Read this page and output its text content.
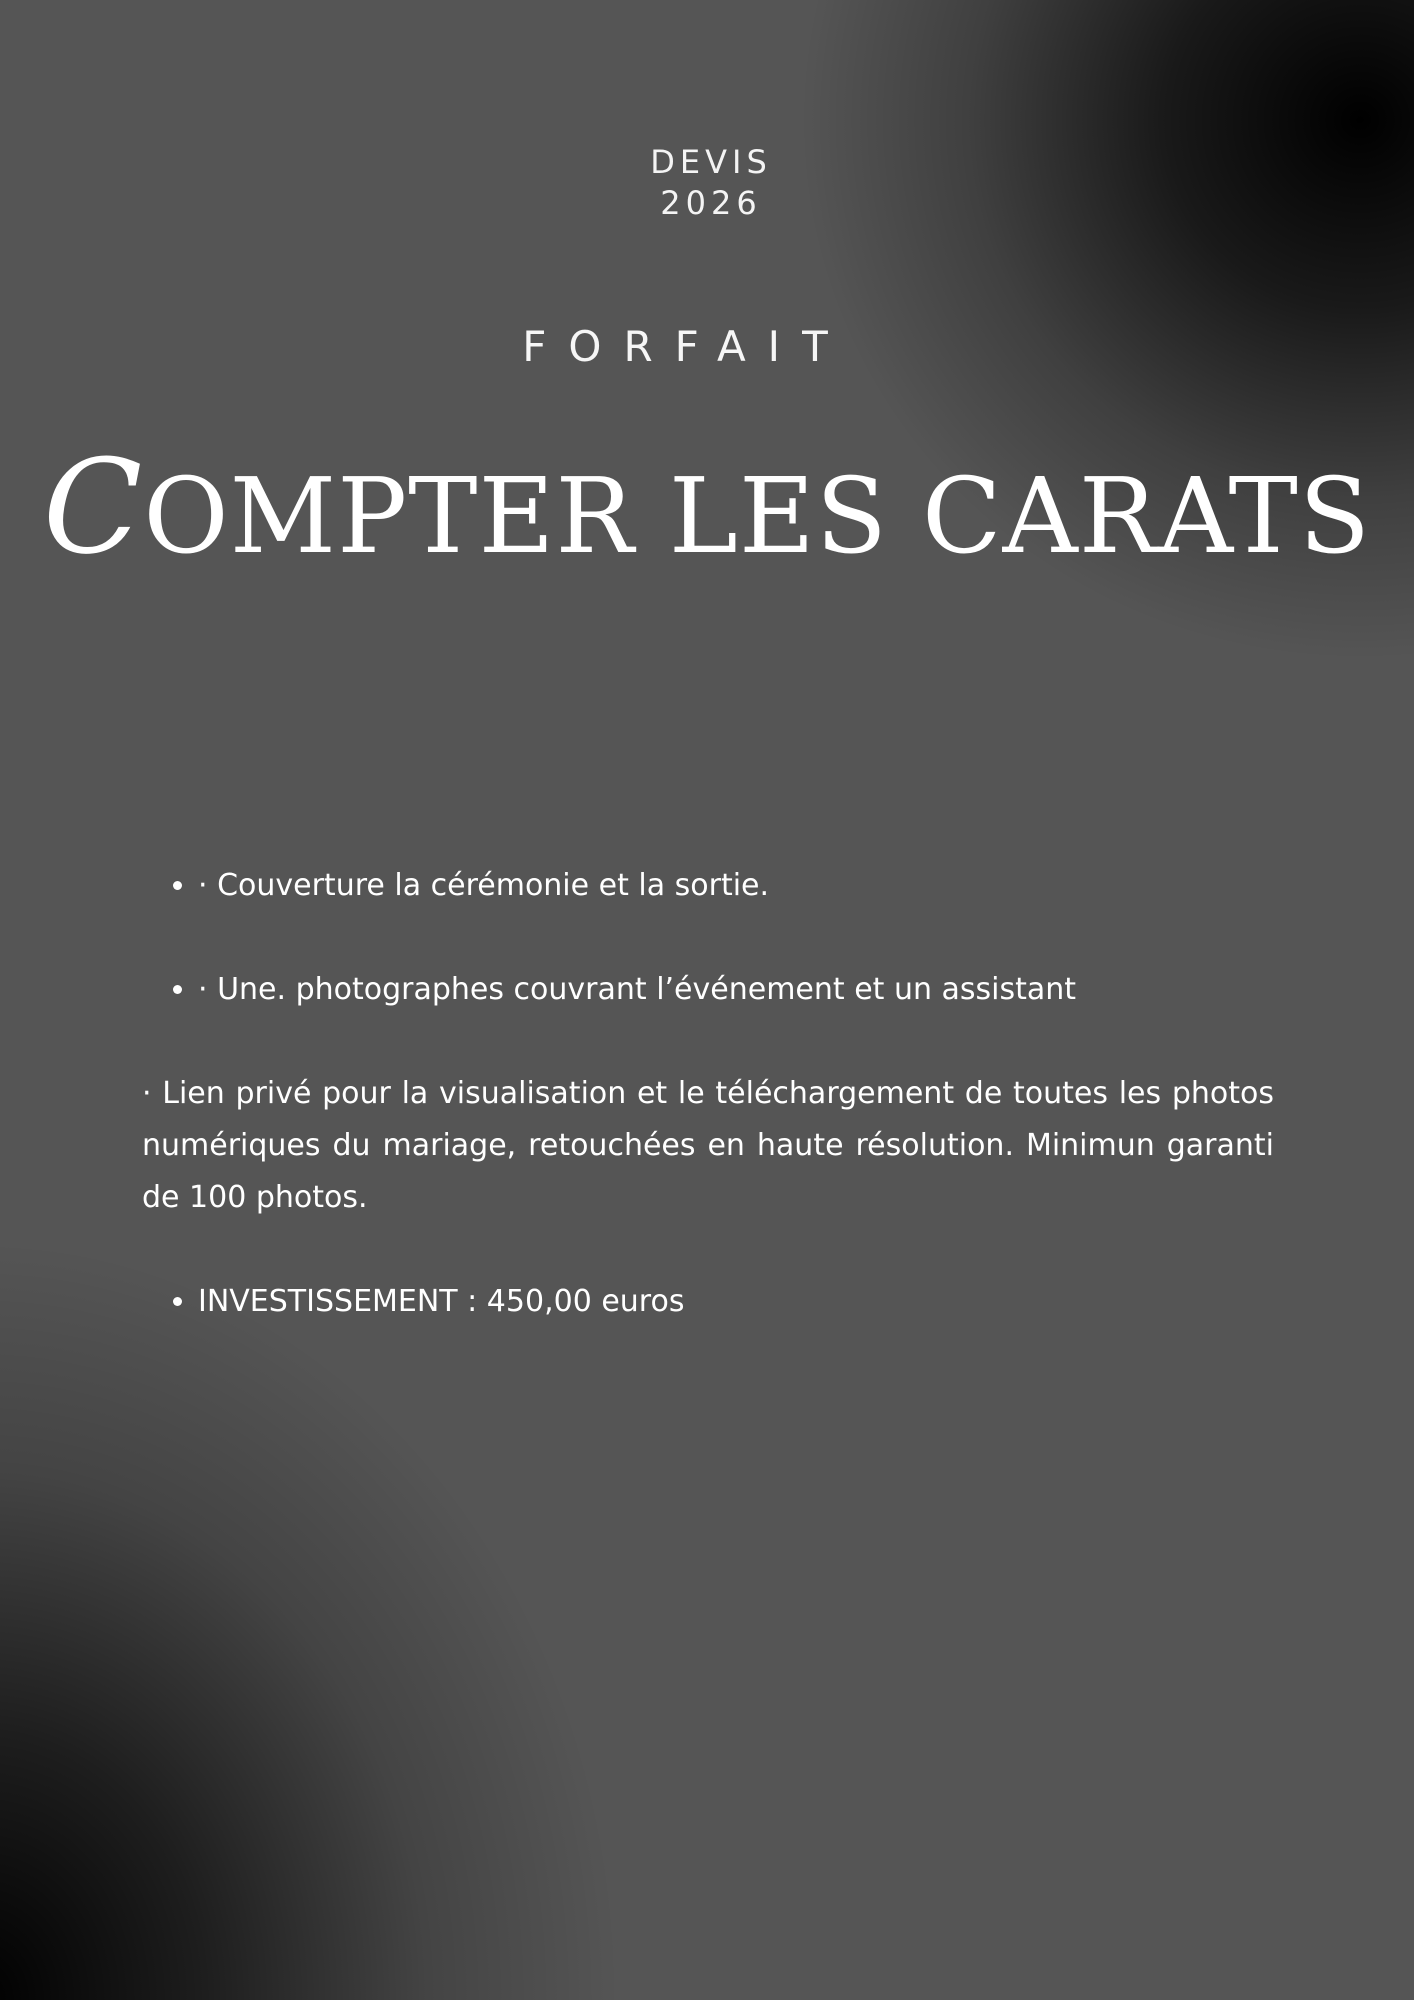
DEVIS
2026
FORFAIT
COMPTER LES CARATS
• · Couverture la cérémonie et la sortie.
• · Une. photographes couvrant l’événement et un assistant

· Lien privé pour la visualisation et le téléchargement de toutes les photos numériques du mariage, retouchées en haute résolution. Minimun garanti de 100 photos.

• INVESTISSEMENT : 450,00 euros
